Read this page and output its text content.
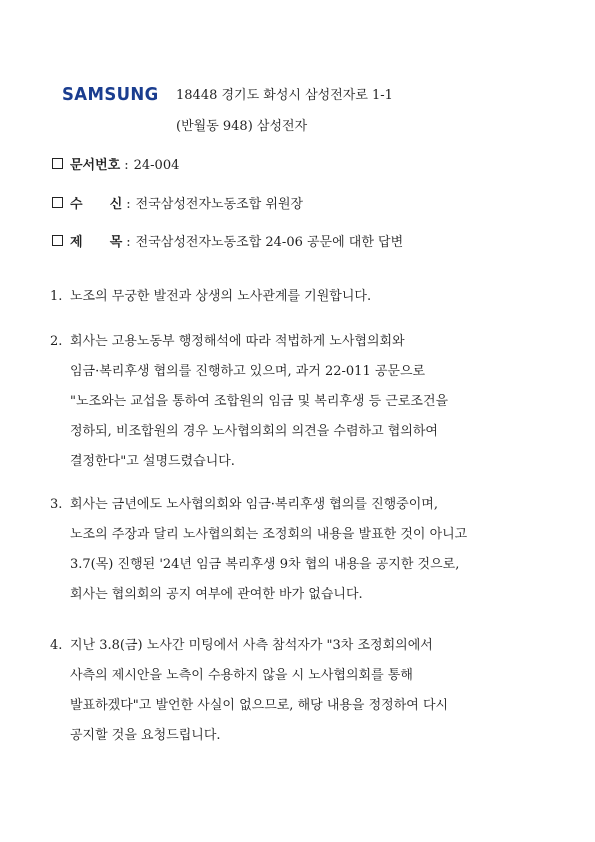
SAMSUNG 18448 경기도 화성시 삼성전자로 1-1
(반월동 948) 삼성전자
문서번호 : 24-004
수      신 : 전국삼성전자노동조합 위원장
제      목 : 전국삼성전자노동조합 24-06 공문에 대한 답변
1. 노조의 무궁한 발전과 상생의 노사관계를 기원합니다.
2. 회사는 고용노동부 행정해석에 따라 적법하게 노사협의회와
임금·복리후생 협의를 진행하고 있으며, 과거 22-011 공문으로
"노조와는 교섭을 통하여 조합원의 임금 및 복리후생 등 근로조건을
정하되, 비조합원의 경우 노사협의회의 의견을 수렴하고 협의하여
결정한다"고 설명드렸습니다.
3. 회사는 금년에도 노사협의회와 임금·복리후생 협의를 진행중이며,
노조의 주장과 달리 노사협의회는 조정회의 내용을 발표한 것이 아니고
3.7(목) 진행된 '24년 임금 복리후생 9차 협의 내용을 공지한 것으로,
회사는 협의회의 공지 여부에 관여한 바가 없습니다.
4. 지난 3.8(금) 노사간 미팅에서 사측 참석자가 "3차 조정회의에서
사측의 제시안을 노측이 수용하지 않을 시 노사협의회를 통해
발표하겠다"고 발언한 사실이 없으므로, 해당 내용을 정정하여 다시
공지할 것을 요청드립니다.
